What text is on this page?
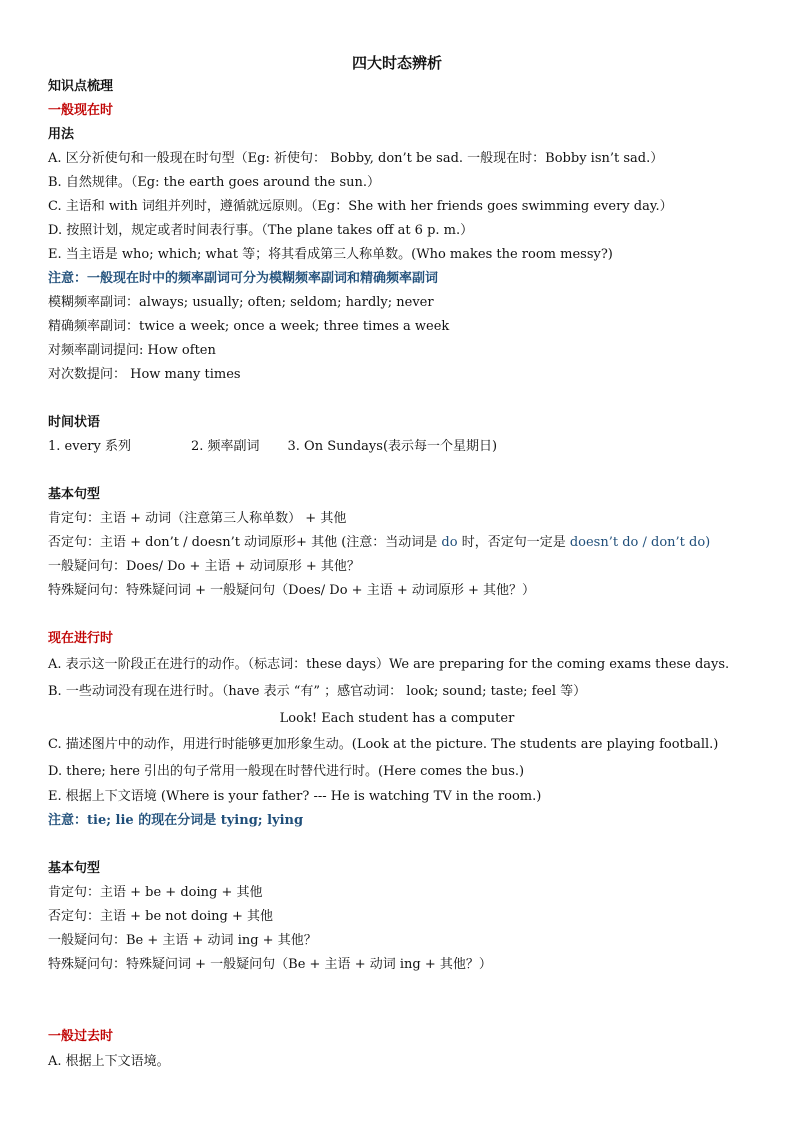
四大时态辨析
知识点梳理
一般现在时
用法
A. 区分祈使句和一般现在时句型（Eg: 祈使句： Bobby, don’t be sad. 一般现在时：Bobby isn’t sad.）
B. 自然规律。（Eg: the earth goes around the sun.）
C. 主语和 with 词组并列时，遵循就远原则。（Eg：She with her friends goes swimming every day.）
D. 按照计划，规定或者时间表行事。（The plane takes off at 6 p. m.）
E. 当主语是 who; which; what 等；将其看成第三人称单数。(Who makes the room messy?)
注意：一般现在时中的频率副词可分为模糊频率副词和精确频率副词
模糊频率副词：always; usually; often; seldom; hardly; never
精确频率副词：twice a week; once a week; three times a week
对频率副词提问: How often
对次数提问： How many times
时间状语
1. every 系列	2. 频率副词 3. On Sundays(表示每一个星期日)
基本句型
肯定句：主语 + 动词（注意第三人称单数） + 其他
否定句：主语 + don’t / doesn’t 动词原形+ 其他 (注意：当动词是 do 时，否定句一定是 doesn’t do / don’t do)
一般疑问句：Does/ Do + 主语 + 动词原形 + 其他？
特殊疑问句：特殊疑问词 + 一般疑问句（Does/ Do + 主语 + 动词原形 + 其他？）
现在进行时
A. 表示这一阶段正在进行的动作。（标志词：these days）We are preparing for the coming exams these days.
B. 一些动词没有现在进行时。（have 表示 “有” ；感官动词： look; sound; taste; feel 等）
Look! Each student has a computer
C. 描述图片中的动作，用进行时能够更加形象生动。(Look at the picture. The students are playing football.)
D. there; here 引出的句子常用一般现在时替代进行时。(Here comes the bus.)
E. 根据上下文语境 (Where is your father? --- He is watching TV in the room.)
注意：tie; lie 的现在分词是 tying; lying
基本句型
肯定句：主语 + be + doing + 其他
否定句：主语 + be not doing + 其他
一般疑问句：Be + 主语 + 动词 ing + 其他？
特殊疑问句：特殊疑问词 + 一般疑问句（Be + 主语 + 动词 ing + 其他？）
一般过去时
A. 根据上下文语境。
